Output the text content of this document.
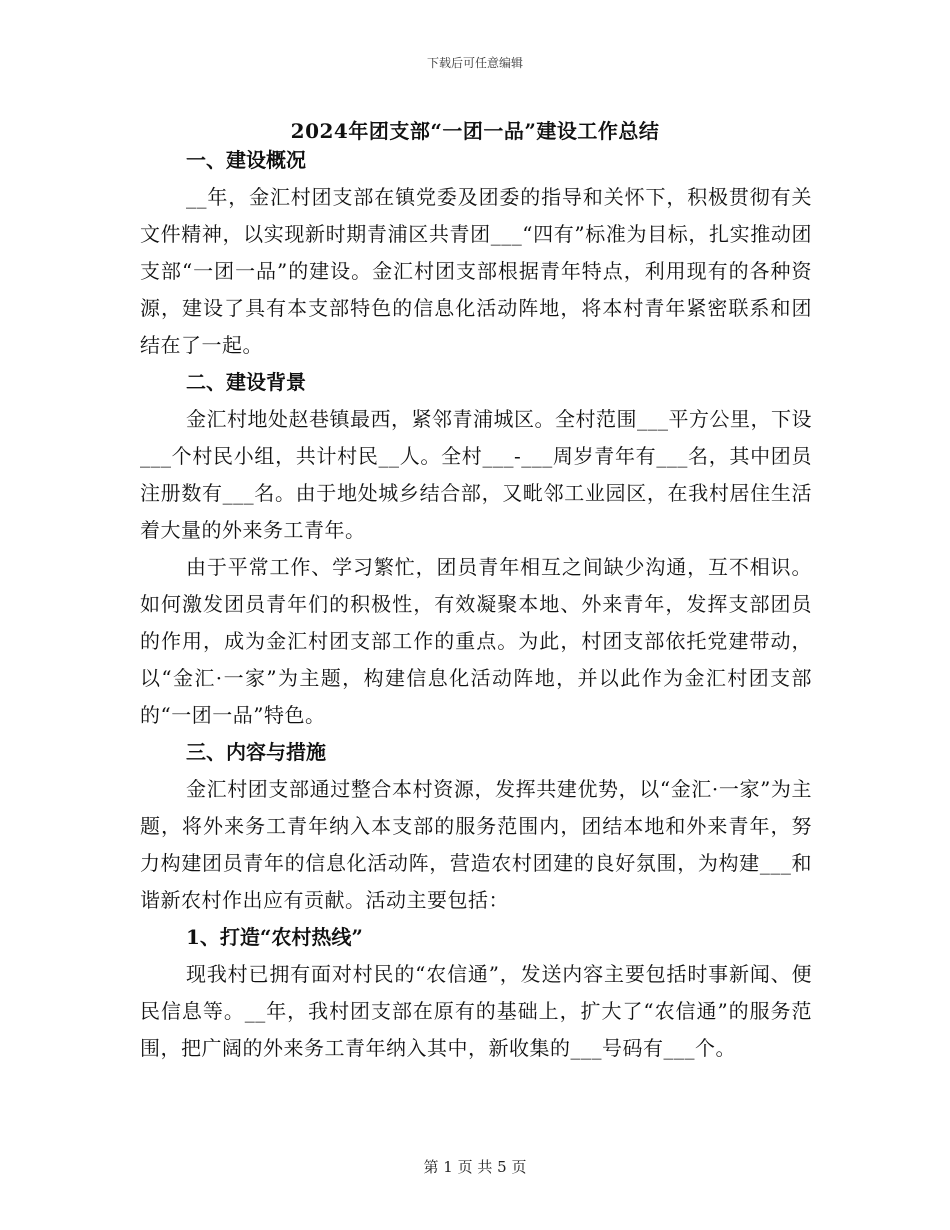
下载后可任意编辑
2024年团支部“一团一品”建设工作总结

一、建设概况

__年，金汇村团支部在镇党委及团委的指导和关怀下，积极贯彻有关文件精神，以实现新时期青浦区共青团___“四有”标准为目标，扎实推动团支部“一团一品”的建设。金汇村团支部根据青年特点，利用现有的各种资源，建设了具有本支部特色的信息化活动阵地，将本村青年紧密联系和团结在了一起。

二、建设背景

金汇村地处赵巷镇最西，紧邻青浦城区。全村范围___平方公里，下设___个村民小组，共计村民__人。全村___-___周岁青年有___名，其中团员注册数有___名。由于地处城乡结合部，又毗邻工业园区，在我村居住生活着大量的外来务工青年。

由于平常工作、学习繁忙，团员青年相互之间缺少沟通，互不相识。如何激发团员青年们的积极性，有效凝聚本地、外来青年，发挥支部团员的作用，成为金汇村团支部工作的重点。为此，村团支部依托党建带动，以“金汇·一家”为主题，构建信息化活动阵地，并以此作为金汇村团支部的“一团一品”特色。

三、内容与措施

金汇村团支部通过整合本村资源，发挥共建优势，以“金汇·一家”为主题，将外来务工青年纳入本支部的服务范围内，团结本地和外来青年，努力构建团员青年的信息化活动阵，营造农村团建的良好氛围，为构建___和谐新农村作出应有贡献。活动主要包括：

1、打造“农村热线”

现我村已拥有面对村民的“农信通”，发送内容主要包括时事新闻、便民信息等。__年，我村团支部在原有的基础上，扩大了“农信通”的服务范围，把广阔的外来务工青年纳入其中，新收集的___号码有___个。

第 1 页 共 5 页
